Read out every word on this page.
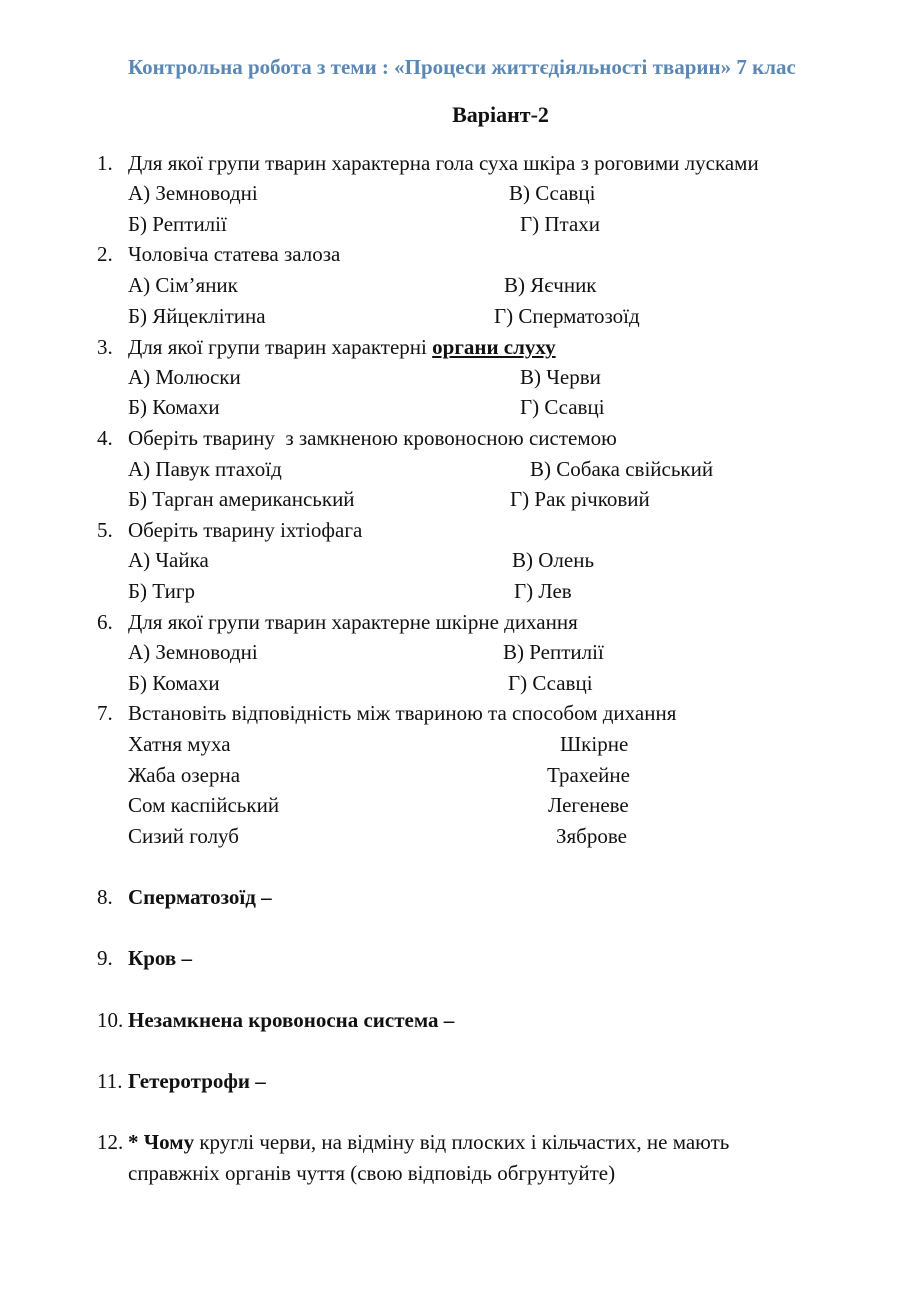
Контрольна робота з теми : «Процеси життєдіяльності тварин» 7 клас
Варіант-2
1. Для якої групи тварин характерна гола суха шкіра з роговими лусками
А) Земноводні	В) Ссавці
Б) Рептилії	Г) Птахи
2. Чоловіча статева залоза
А) Сім’яник	В) Яєчник
Б) Яйцеклітина	Г) Сперматозоїд
3. Для якої групи тварин характерні органи слуху
А) Молюски	В) Черви
Б) Комахи	Г) Ссавці
4. Оберіть тварину  з замкненою кровоносною системою
А) Павук птахоїд	В) Собака свійський
Б) Тарган американський	Г) Рак річковий
5. Оберіть тварину іхтіофага
А) Чайка	В) Олень
Б) Тигр	Г) Лев
6. Для якої групи тварин характерне шкірне дихання
А) Земноводні	В) Рептилії
Б) Комахи	Г) Ссавці
7. Встановіть відповідність між твариною та способом дихання
Хатня муха	Шкірне
Жаба озерна	Трахейне
Сом каспійський	Легеневе
Сизий голуб	Зяброве
8. Сперматозоїд –
9. Кров –
10. Незамкнена кровоносна система –
11. Гетеротрофи –
12. * Чому круглі черви, на відміну від плоских і кільчастих, не мають
справжніх органів чуття (свою відповідь обгрунтуйте)
